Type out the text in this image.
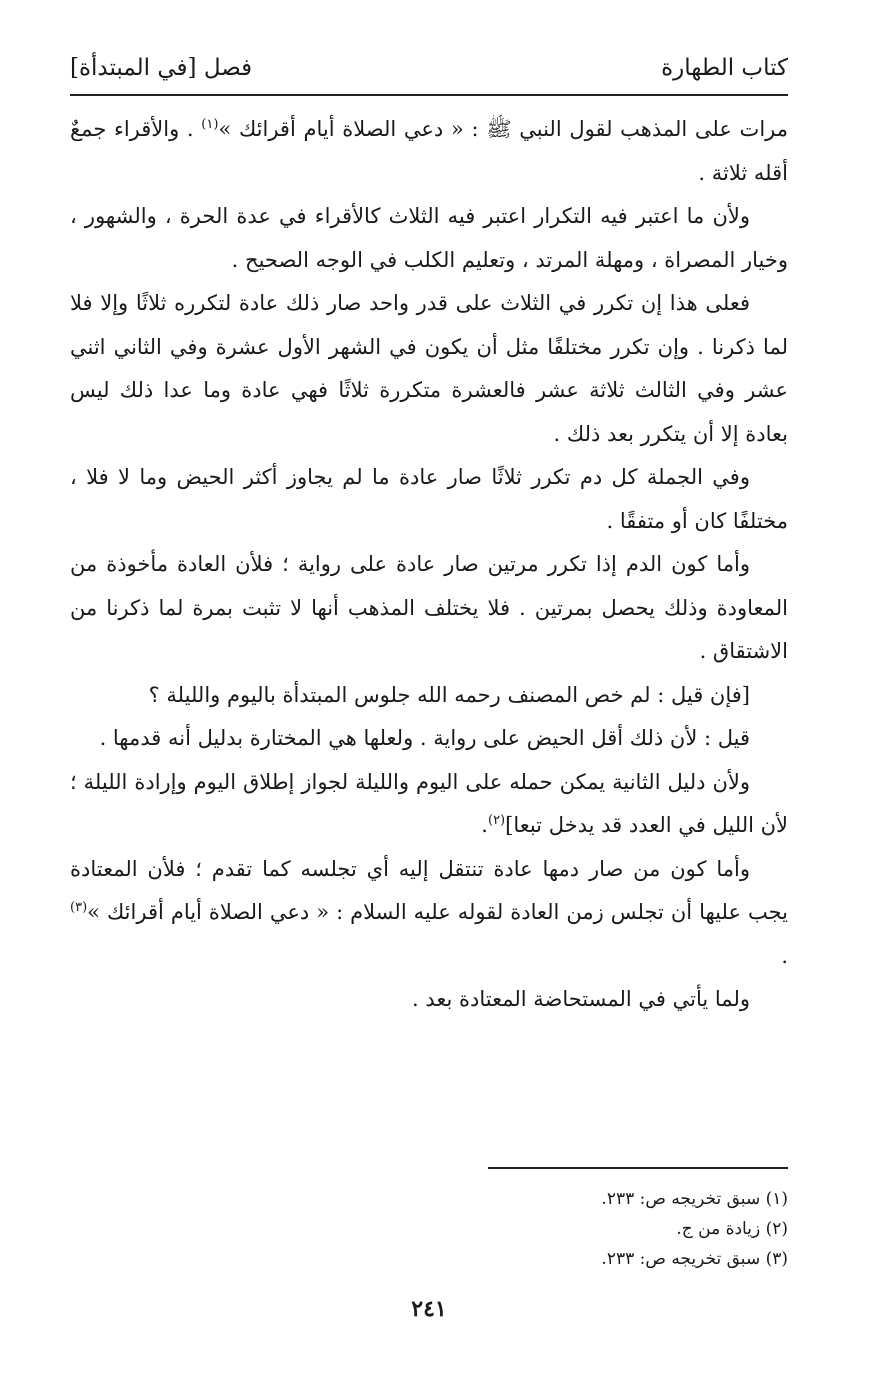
كتاب الطهارة
فصل [في المبتدأة]

مرات على المذهب لقول النبي ﷺ : « دعي الصلاة أيام أقرائك »$^{(١)}$ . والأقراء جمعٌ أقله ثلاثة .

ولأن ما اعتبر فيه التكرار اعتبر فيه الثلاث كالأقراء في عدة الحرة ، والشهور ، وخيار المصراة ، ومهلة المرتد ، وتعليم الكلب في الوجه الصحيح .

فعلى هذا إن تكرر في الثلاث على قدر واحد صار ذلك عادة لتكرره ثلاثًا وإلا فلا لما ذكرنا . وإن تكرر مختلفًا مثل أن يكون في الشهر الأول عشرة وفي الثاني اثني عشر وفي الثالث ثلاثة عشر فالعشرة متكررة ثلاثًا فهي عادة وما عدا ذلك ليس بعادة إلا أن يتكرر بعد ذلك .

وفي الجملة كل دم تكرر ثلاثًا صار عادة ما لم يجاوز أكثر الحيض وما لا فلا ، مختلفًا كان أو متفقًا .

وأما كون الدم إذا تكرر مرتين صار عادة على رواية ؛ فلأن العادة مأخوذة من المعاودة وذلك يحصل بمرتين . فلا يختلف المذهب أنها لا تثبت بمرة لما ذكرنا من الاشتقاق .

[فإن قيل : لم خص المصنف رحمه الله جلوس المبتدأة باليوم والليلة ؟

قيل : لأن ذلك أقل الحيض على رواية . ولعلها هي المختارة بدليل أنه قدمها .

ولأن دليل الثانية يمكن حمله على اليوم والليلة لجواز إطلاق اليوم وإرادة الليلة ؛ لأن الليل في العدد قد يدخل تبعا]$^{(٢)}$.

وأما كون من صار دمها عادة تنتقل إليه أي تجلسه كما تقدم ؛ فلأن المعتادة يجب عليها أن تجلس زمن العادة لقوله عليه السلام : « دعي الصلاة أيام أقرائك »$^{(٣)}$ .

ولما يأتي في المستحاضة المعتادة بعد .

(١) سبق تخريجه ص: ٢٣٣.

(٢) زيادة من ج.

(٣) سبق تخريجه ص: ٢٣٣.

٢٤١
